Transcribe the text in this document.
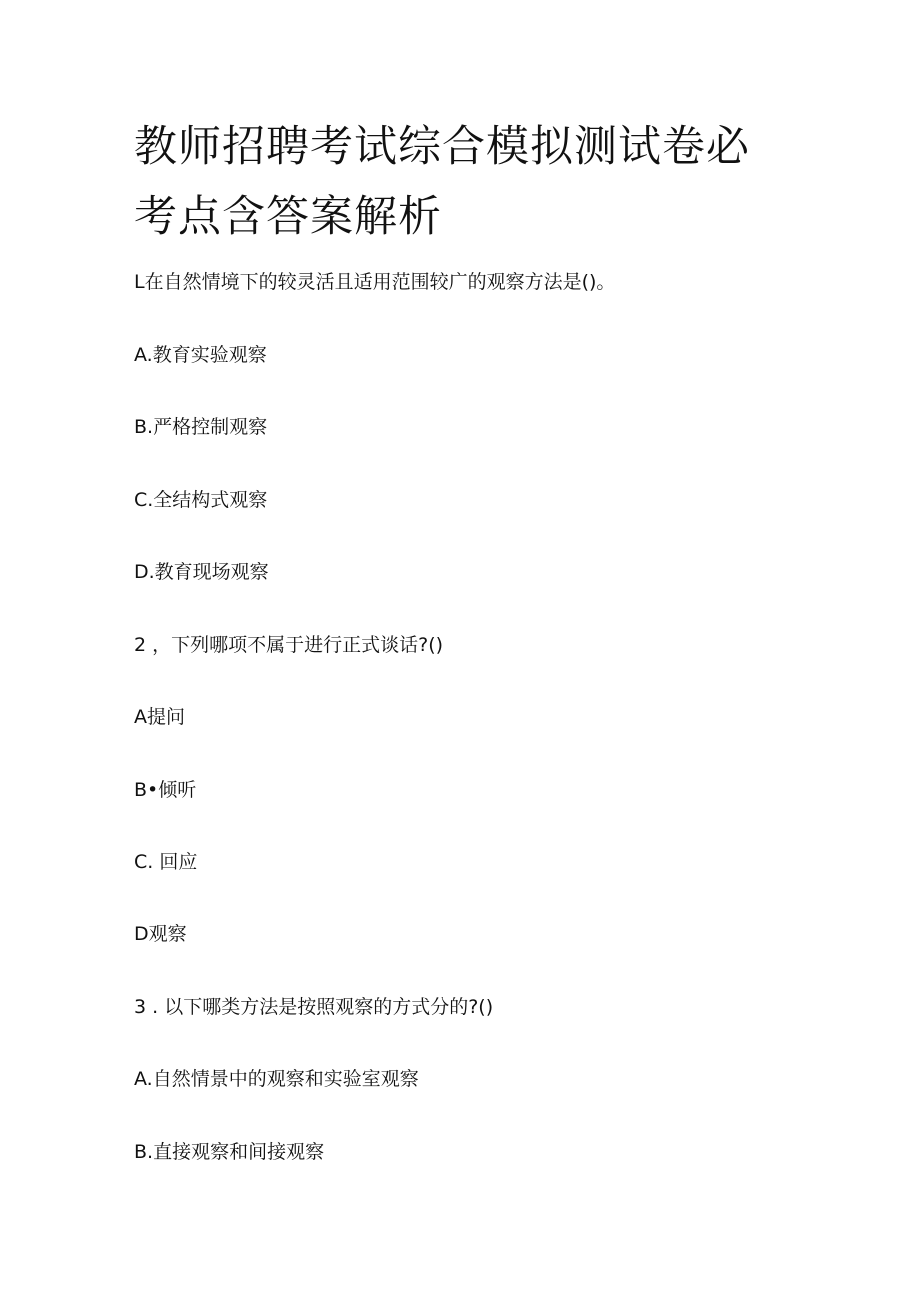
教师招聘考试综合模拟测试卷必考点含答案解析

L在自然情境下的较灵活且适用范围较广的观察方法是()。

A.教育实验观察

B.严格控制观察

C.全结构式观察

D.教育现场观察

2 ，下列哪项不属于进行正式谈话?()

A提问

B•倾听

C. 回应

D观察

3 . 以下哪类方法是按照观察的方式分的?()

A.自然情景中的观察和实验室观察

B.直接观察和间接观察
